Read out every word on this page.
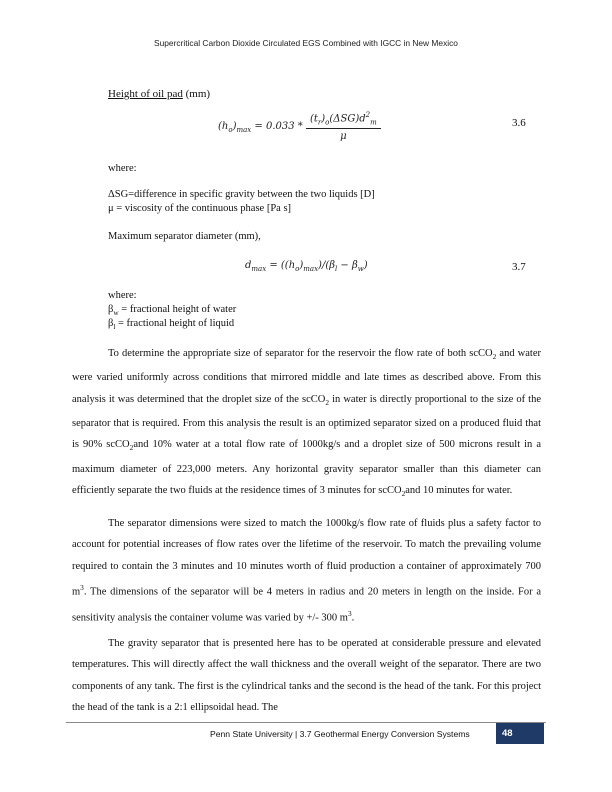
Supercritical Carbon Dioxide Circulated EGS Combined with IGCC in New Mexico
Height of oil pad (mm)
$(h_o)_{max} = 0.033 * \frac{(t_r)_o(\Delta SG)d^2_m}{\mu}$	3.6
where:
ΔSG=difference in specific gravity between the two liquids [D]
μ = viscosity of the continuous phase [Pa s]
Maximum separator diameter (mm),
$d_{max} = ((h_o)_{max})/(\beta_l - \beta_w)$	3.7
where:
$\beta_w$ = fractional height of water
$\beta_l$ = fractional height of liquid
To determine the appropriate size of separator for the reservoir the flow rate of both scCO$_2$ and water were varied uniformly across conditions that mirrored middle and late times as described above. From this analysis it was determined that the droplet size of the scCO$_2$ in water is directly proportional to the size of the separator that is required. From this analysis the result is an optimized separator sized on a produced fluid that is 90% scCO$_2$and 10% water at a total flow rate of 1000kg/s and a droplet size of 500 microns result in a maximum diameter of 223,000 meters. Any horizontal gravity separator smaller than this diameter can efficiently separate the two fluids at the residence times of 3 minutes for scCO$_2$and 10 minutes for water.
The separator dimensions were sized to match the 1000kg/s flow rate of fluids plus a safety factor to account for potential increases of flow rates over the lifetime of the reservoir. To match the prevailing volume required to contain the 3 minutes and 10 minutes worth of fluid production a container of approximately 700 $m^3$. The dimensions of the separator will be 4 meters in radius and 20 meters in length on the inside. For a sensitivity analysis the container volume was varied by +/- 300 $m^3$.
The gravity separator that is presented here has to be operated at considerable pressure and elevated temperatures. This will directly affect the wall thickness and the overall weight of the separator. There are two components of any tank. The first is the cylindrical tanks and the second is the head of the tank. For this project the head of the tank is a 2:1 ellipsoidal head. The
Penn State University | 3.7 Geothermal Energy Conversion Systems	48
